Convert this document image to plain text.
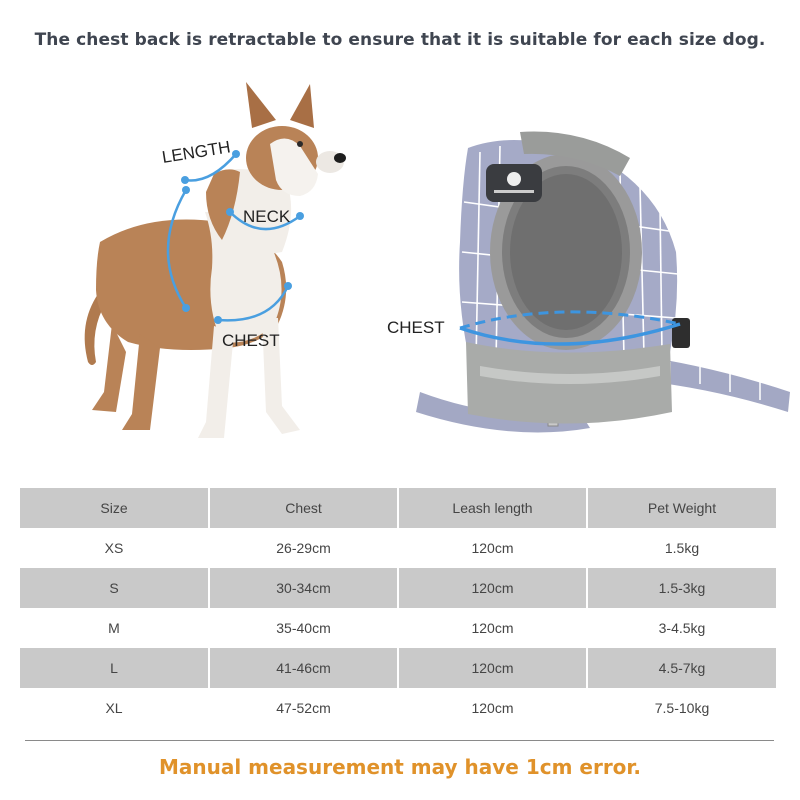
The chest back is retractable to ensure that it is suitable for each size dog.
LENGTH
NECK
CHEST
CHEST
Size	Chest	Leash length	Pet Weight
XS	26-29cm	120cm	1.5kg
S	30-34cm	120cm	1.5-3kg
M	35-40cm	120cm	3-4.5kg
L	41-46cm	120cm	4.5-7kg
XL	47-52cm	120cm	7.5-10kg
Manual measurement may have 1cm error.
